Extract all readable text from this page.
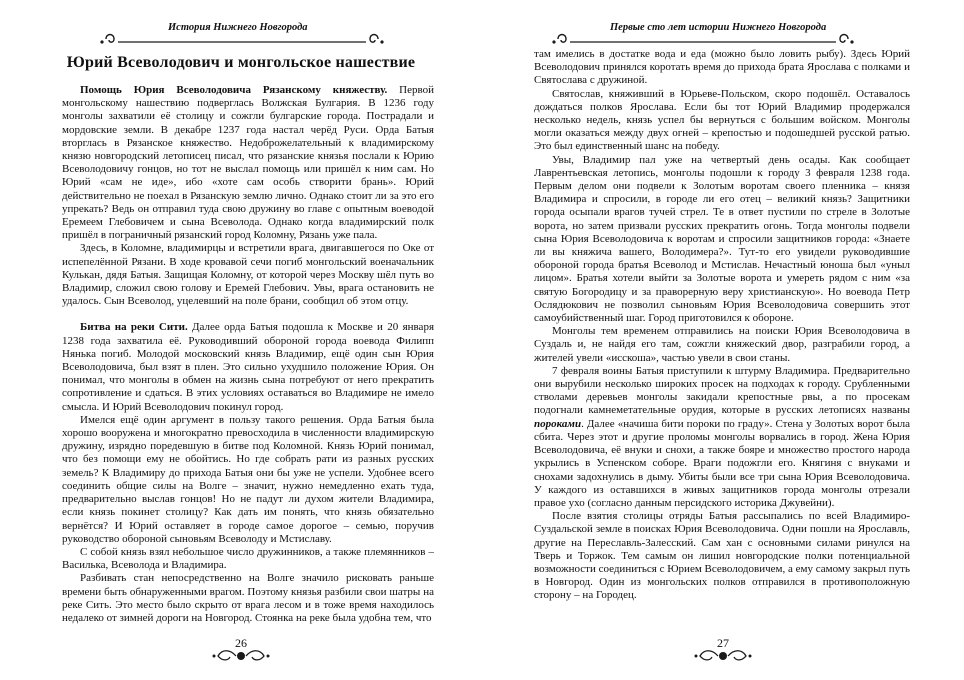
История Нижнего Новгорода
Юрий Всеволодович и монгольское нашествие

Помощь Юрия Всеволодовича Рязанскому княжеству. Первой монгольскому нашествию подверглась Волжская Булгария. В 1236 году монголы захватили её столицу и сожгли булгарские города. Пострадали и мордовские земли. В декабре 1237 года настал черёд Руси. Орда Батыя вторглась в Рязанское княжество. Недоброжелательный к владимирскому князю новгородский летописец писал, что рязанские князья послали к Юрию Всеволодовичу гонцов, но тот не выслал помощь или пришёл к ним сам. Но Юрий «сам не иде», ибо «хоте сам особь створити брань». Юрий действительно не поехал в Рязанскую землю лично. Однако стоит ли за это его упрекать? Ведь он отправил туда свою дружину во главе с опытным воеводой Еремеем Глебовичем и сына Всеволода. Однако когда владимирский полк пришёл в пограничный рязанский город Коломну, Рязань уже пала.

Здесь, в Коломне, владимирцы и встретили врага, двигавшегося по Оке от испепелённой Рязани. В ходе кровавой сечи погиб монгольский военачальник Кулькан, дядя Батыя. Защищая Коломну, от которой через Москву шёл путь во Владимир, сложил свою голову и Еремей Глебович. Увы, врага остановить не удалось. Сын Всеволод, уцелевший на поле брани, сообщил об этом отцу.

Битва на реки Сити. Далее орда Батыя подошла к Москве и 20 января 1238 года захватила её. Руководивший обороной города воевода Филипп Нянька погиб. Молодой московский князь Владимир, ещё один сын Юрия Всеволодовича, был взят в плен. Это сильно ухудшило положение Юрия. Он понимал, что монголы в обмен на жизнь сына потребуют от него прекратить сопротивление и сдаться. В этих условиях оставаться во Владимире не имело смысла. И Юрий Всеволодович покинул город.

Имелся ещё один аргумент в пользу такого решения. Орда Батыя была хорошо вооружена и многократно превосходила в численности владимирскую дружину, изрядно поредевшую в битве под Коломной. Князь Юрий понимал, что без помощи ему не обойтись. Но где собрать рати из разных русских земель? К Владимиру до прихода Батыя они бы уже не успели. Удобнее всего соединить общие силы на Волге – значит, нужно немедленно ехать туда, предварительно выслав гонцов! Но не падут ли духом жители Владимира, если князь покинет столицу? Как дать им понять, что князь обязательно вернётся? И Юрий оставляет в городе самое дорогое – семью, поручив руководство обороной сыновьям Всеволоду и Мстиславу.

С собой князь взял небольшое число дружинников, а также племянников – Василька, Всеволода и Владимира.

Разбивать стан непосредственно на Волге значило рисковать раньше времени быть обнаруженными врагом. Поэтому князья разбили свои шатры на реке Сить. Это место было скрыто от врага лесом и в тоже время находилось недалеко от зимней дороги на Новгород. Стоянка на реке была удобна тем, что

26
Первые сто лет истории Нижнего Новгорода

там имелись в достатке вода и еда (можно было ловить рыбу). Здесь Юрий Всеволодович принялся коротать время до прихода брата Ярослава с полками и Святослава с дружиной.

Святослав, княживший в Юрьеве-Польском, скоро подошёл. Оставалось дождаться полков Ярослава. Если бы тот Юрий Владимир продержался несколько недель, князь успел бы вернуться с большим войском. Монголы могли оказаться между двух огней – крепостью и подошедшей русской ратью. Это был единственный шанс на победу.

Увы, Владимир пал уже на четвертый день осады. Как сообщает Лаврентьевская летопись, монголы подошли к городу 3 февраля 1238 года. Первым делом они подвели к Золотым воротам своего пленника – князя Владимира и спросили, в городе ли его отец – великий князь? Защитники города осыпали врагов тучей стрел. Те в ответ пустили по стреле в Золотые ворота, но затем призвали русских прекратить огонь. Тогда монголы подвели сына Юрия Всеволодовича к воротам и спросили защитников города: «Знаете ли вы княжича вашего, Володимера?». Тут-то его увидели руководившие обороной города братья Всеволод и Мстислав. Нечастный юноша был «уныл лицом». Братья хотели выйти за Золотые ворота и умереть рядом с ним «за святую Богородицу и за праворерную веру христианскую». Но воевода Петр Ослядюкович не позволил сыновьям Юрия Всеволодовича совершить этот самоубийственный шаг. Город приготовился к обороне.

Монголы тем временем отправились на поиски Юрия Всеволодовича в Суздаль и, не найдя его там, сожгли княжеский двор, разграбили город, а жителей увели «исскоша», частью увели в свои станы.

7 февраля воины Батыя приступили к штурму Владимира. Предварительно они вырубили несколько широких просек на подходах к городу. Срубленными стволами деревьев монголы закидали крепостные рвы, а по просекам подогнали камнеметательные орудия, которые в русских летописях названы пороками. Далее «начиша бити пороки по граду». Стена у Золотых ворот была сбита. Через этот и другие проломы монголы ворвались в город. Жена Юрия Всеволодовича, её внуки и снохи, а также бояре и множество простого народа укрылись в Успенском соборе. Враги подожгли его. Княгиня с внуками и снохами задохнулись в дыму. Убиты были все три сына Юрия Всеволодовича. У каждого из оставшихся в живых защитников города монголы отрезали правое ухо (согласно данным персидского историка Джувейни).

После взятия столицы отряды Батыя рассыпались по всей Владимиро-Суздальской земле в поисках Юрия Всеволодовича. Одни пошли на Ярославль, другие на Переславль-Залесский. Сам хан с основными силами ринулся на Тверь и Торжок. Тем самым он лишил новгородские полки потенциальной возможности соединиться с Юрием Всеволодовичем, а ему самому закрыл путь в Новгород. Один из монгольских полков отправился в противоположную сторону – на Городец.

27
